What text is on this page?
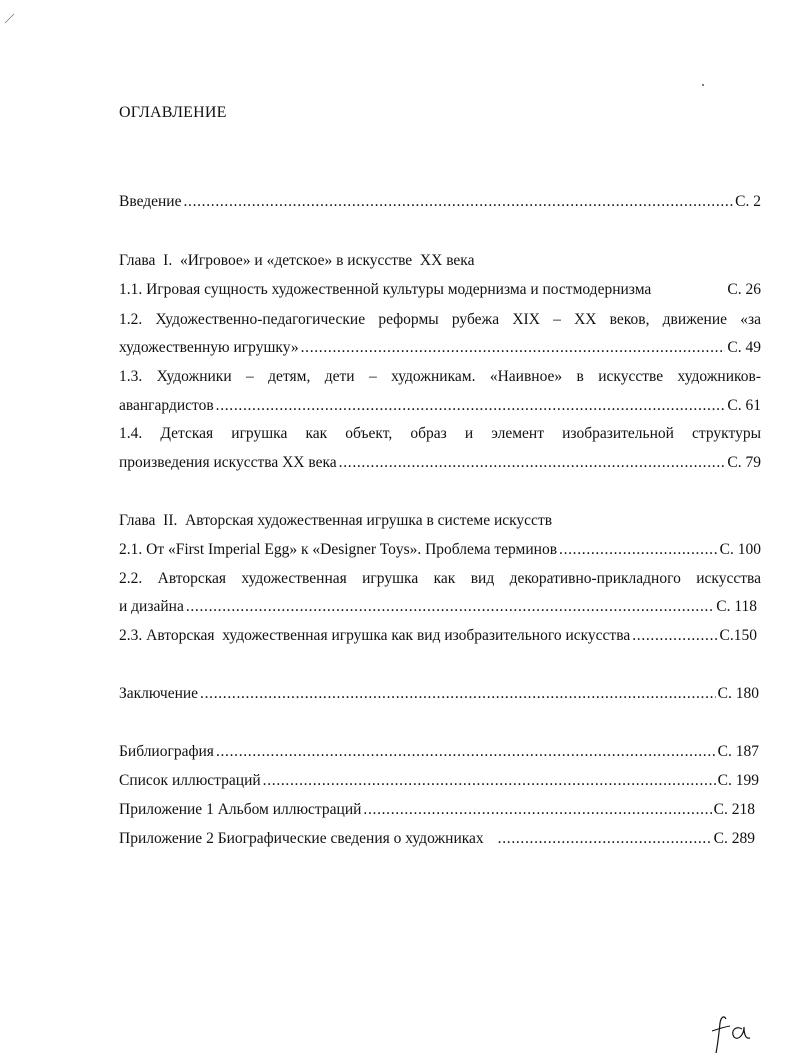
ОГЛАВЛЕНИЕ
Введение . . .	С. 2
Глава  I.  «Игровое» и «детское» в искусстве  XX века
1.1. Игровая сущность художественной культуры модернизма и постмодернизма	С. 26
1.2. Художественно-педагогические реформы рубежа XIX – XX веков, движение «за
художественную игрушку» . . .	С. 49
1.3. Художники – детям, дети – художникам. «Наивное» в искусстве художников-
авангардистов . . .	С. 61
1.4. Детская игрушка как объект, образ и элемент изобразительной структуры
произведения искусства XX века . . .	С. 79
Глава  II.  Авторская художественная игрушка в системе искусств
2.1. От «First Imperial Egg» к «Designer Toys». Проблема терминов . . .	С. 100
2.2. Авторская художественная игрушка как вид декоративно-прикладного искусства
и дизайна . . .	С. 118
2.3. Авторская  художественная игрушка как вид изобразительного искусства . . .	С.150
Заключение . . .	С. 180
Библиография . . .	С. 187
Список иллюстраций . . .	С. 199
Приложение 1 Альбом иллюстраций . . .	С. 218
Приложение 2 Биографические сведения о художниках . . .	С. 289
